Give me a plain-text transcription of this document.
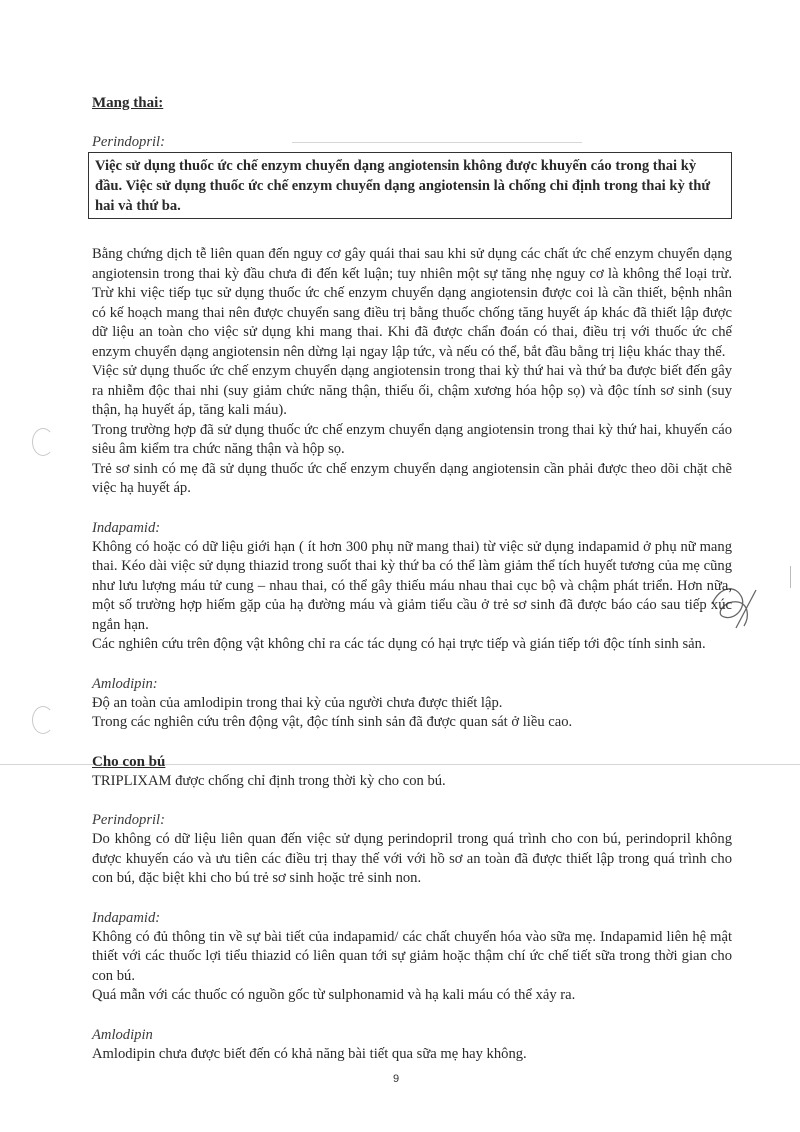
Mang thai:

Perindopril:

Việc sử dụng thuốc ức chế enzym chuyển dạng angiotensin không được khuyến cáo trong thai kỳ đầu. Việc sử dụng thuốc ức chế enzym chuyển dạng angiotensin là chống chỉ định trong thai kỳ thứ hai và thứ ba.

Bằng chứng dịch tễ liên quan đến nguy cơ gây quái thai sau khi sử dụng các chất ức chế enzym chuyển dạng angiotensin trong thai kỳ đầu chưa đi đến kết luận; tuy nhiên một sự tăng nhẹ nguy cơ là không thể loại trừ. Trừ khi việc tiếp tục sử dụng thuốc ức chế enzym chuyển dạng angiotensin được coi là cần thiết, bệnh nhân có kế hoạch mang thai nên được chuyển sang điều trị bằng thuốc chống tăng huyết áp khác đã thiết lập được dữ liệu an toàn cho việc sử dụng khi mang thai. Khi đã được chẩn đoán có thai, điều trị với thuốc ức chế enzym chuyển dạng angiotensin nên dừng lại ngay lập tức, và nếu có thể, bắt đầu bằng trị liệu khác thay thế.

Việc sử dụng thuốc ức chế enzym chuyển dạng angiotensin trong thai kỳ thứ hai và thứ ba được biết đến gây ra nhiễm độc thai nhi (suy giảm chức năng thận, thiểu ối, chậm xương hóa hộp sọ) và độc tính sơ sinh (suy thận, hạ huyết áp, tăng kali máu).

Trong trường hợp đã sử dụng thuốc ức chế enzym chuyển dạng angiotensin trong thai kỳ thứ hai, khuyến cáo siêu âm kiểm tra chức năng thận và hộp sọ.

Trẻ sơ sinh có mẹ đã sử dụng thuốc ức chế enzym chuyển dạng angiotensin cần phải được theo dõi chặt chẽ việc hạ huyết áp.

Indapamid:

Không có hoặc có dữ liệu giới hạn ( ít hơn 300 phụ nữ mang thai) từ việc sử dụng indapamid ở phụ nữ mang thai. Kéo dài việc sử dụng thiazid trong suốt thai kỳ thứ ba có thể làm giảm thể tích huyết tương của mẹ cũng như lưu lượng máu tử cung – nhau thai, có thể gây thiếu máu nhau thai cục bộ và chậm phát triển. Hơn nữa, một số trường hợp hiếm gặp của hạ đường máu và giảm tiểu cầu ở trẻ sơ sinh đã được báo cáo sau tiếp xúc ngắn hạn.

Các nghiên cứu trên động vật không chỉ ra các tác dụng có hại trực tiếp và gián tiếp tới độc tính sinh sản.

Amlodipin:

Độ an toàn của amlodipin trong thai kỳ của người chưa được thiết lập.

Trong các nghiên cứu trên động vật, độc tính sinh sản đã được quan sát ở liều cao.

Cho con bú

TRIPLIXAM được chống chỉ định trong thời kỳ cho con bú.

Perindopril:

Do không có dữ liệu liên quan đến việc sử dụng perindopril trong quá trình cho con bú, perindopril không được khuyến cáo và ưu tiên các điều trị thay thế với với hồ sơ an toàn đã được thiết lập trong quá trình cho con bú, đặc biệt khi cho bú trẻ sơ sinh hoặc trẻ sinh non.

Indapamid:

Không có đủ thông tin về sự bài tiết của indapamid/ các chất chuyển hóa vào sữa mẹ. Indapamid liên hệ mật thiết với các thuốc lợi tiểu thiazid có liên quan tới sự giảm hoặc thậm chí ức chế tiết sữa trong thời gian cho con bú.

Quá mẫn với các thuốc có nguồn gốc từ sulphonamid và hạ kali máu có thể xảy ra.

Amlodipin

Amlodipin chưa được biết đến có khả năng bài tiết qua sữa mẹ hay không.

9
